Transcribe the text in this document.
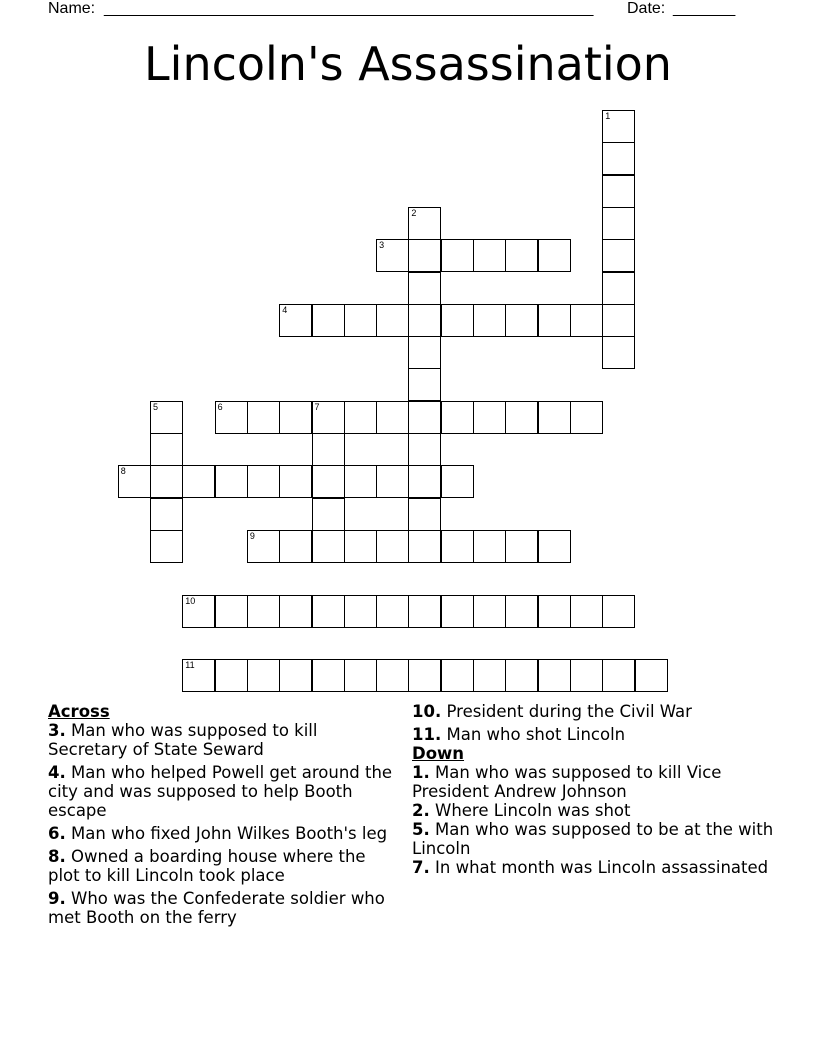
Name: _______________________________________________________ Date: _______
Lincoln's Assassination
1
2
3
4
5	6	7
8
9
10
11

Across

3. Man who was supposed to kill Secretary of State Seward

4. Man who helped Powell get around the city and was supposed to help Booth escape

6. Man who fixed John Wilkes Booth's leg

8. Owned a boarding house where the plot to kill Lincoln took place

9. Who was the Confederate soldier who met Booth on the ferry

10. President during the Civil War

11. Man who shot Lincoln

Down

1. Man who was supposed to kill Vice President Andrew Johnson

2. Where Lincoln was shot

5. Man who was supposed to be at the with Lincoln

7. In what month was Lincoln assassinated
